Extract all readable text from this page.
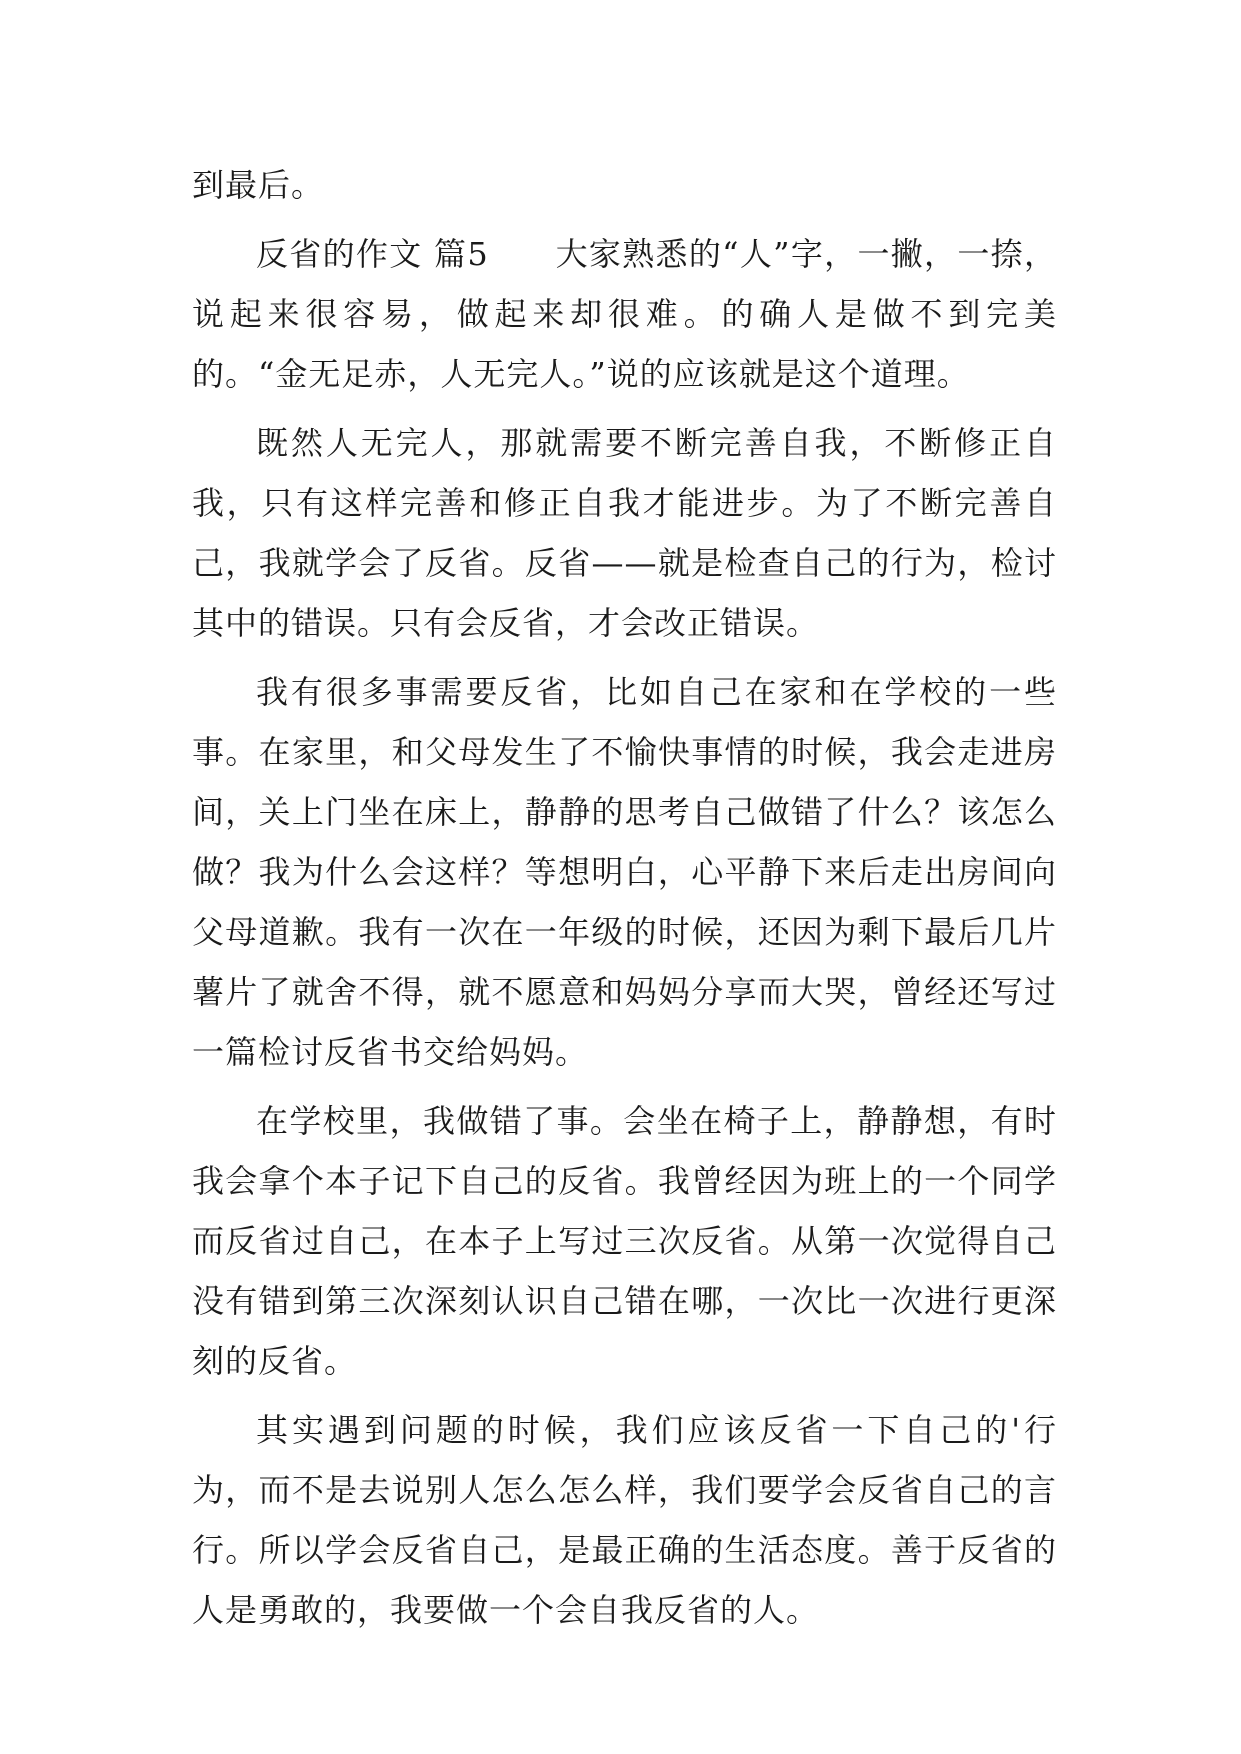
到最后。

反省的作文 篇5　　大家熟悉的“人”字，一撇，一捺，说起来很容易，做起来却很难。的确人是做不到完美的。“金无足赤，人无完人。”说的应该就是这个道理。

既然人无完人，那就需要不断完善自我，不断修正自我，只有这样完善和修正自我才能进步。为了不断完善自己，我就学会了反省。反省——就是检查自己的行为，检讨其中的错误。只有会反省，才会改正错误。

我有很多事需要反省，比如自己在家和在学校的一些事。在家里，和父母发生了不愉快事情的时候，我会走进房间，关上门坐在床上，静静的思考自己做错了什么？该怎么做？我为什么会这样？等想明白，心平静下来后走出房间向父母道歉。我有一次在一年级的时候，还因为剩下最后几片薯片了就舍不得，就不愿意和妈妈分享而大哭，曾经还写过一篇检讨反省书交给妈妈。

在学校里，我做错了事。会坐在椅子上，静静想，有时我会拿个本子记下自己的反省。我曾经因为班上的一个同学而反省过自己，在本子上写过三次反省。从第一次觉得自己没有错到第三次深刻认识自己错在哪，一次比一次进行更深刻的反省。

其实遇到问题的时候，我们应该反省一下自己的'行为，而不是去说别人怎么怎么样，我们要学会反省自己的言行。所以学会反省自己，是最正确的生活态度。善于反省的人是勇敢的，我要做一个会自我反省的人。
